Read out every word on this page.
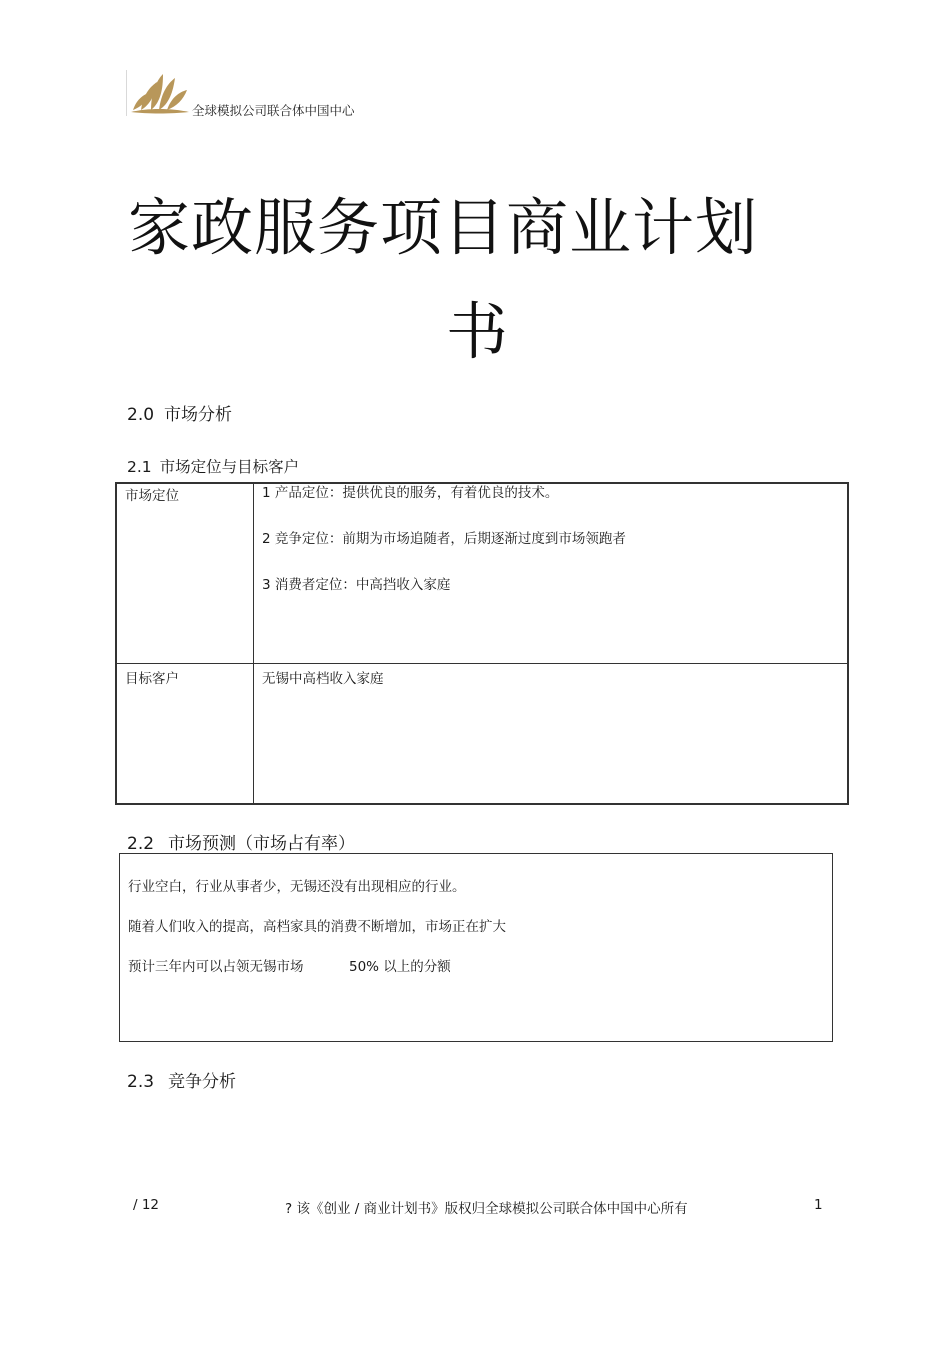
全球模拟公司联合体中国中心
家政服务项目商业计划
书
2.0 市场分析
2.1 市场定位与目标客户
市场定位	1 产品定位：提供优良的服务，有着优良的技术。
2 竞争定位：前期为市场追随者，后期逐渐过度到市场领跑者
3 消费者定位：中高挡收入家庭

目标客户	无锡中高档收入家庭
2.2 市场预测（市场占有率）

行业空白，行业从事者少，无锡还没有出现相应的行业。

随着人们收入的提高，高档家具的消费不断增加，市场正在扩大

预计三年内可以占领无锡市场	50% 以上的分额

2.3 竞争分析
/ 12	? 该《创业 / 商业计划书》版权归全球模拟公司联合体中国中心所有	1
